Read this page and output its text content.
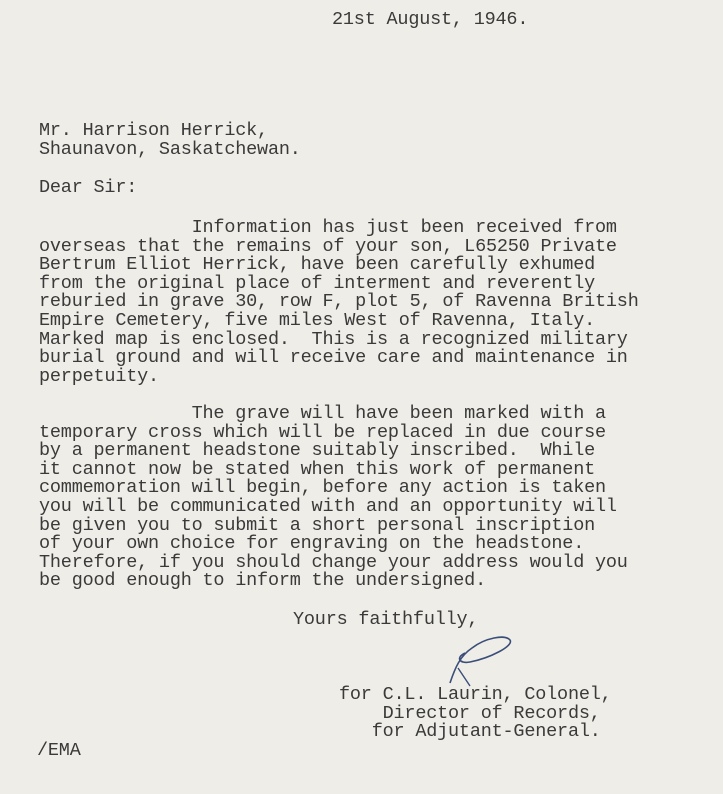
21st August, 1946.
Mr. Harrison Herrick,
Shaunavon, Saskatchewan.
Dear Sir:
Information has just been received from
overseas that the remains of your son, L65250 Private
Bertrum Elliot Herrick, have been carefully exhumed
from the original place of interment and reverently
reburied in grave 30, row F, plot 5, of Ravenna British
Empire Cemetery, five miles West of Ravenna, Italy.
Marked map is enclosed.  This is a recognized military
burial ground and will receive care and maintenance in
perpetuity.
The grave will have been marked with a
temporary cross which will be replaced in due course
by a permanent headstone suitably inscribed.  While
it cannot now be stated when this work of permanent
commemoration will begin, before any action is taken
you will be communicated with and an opportunity will
be given you to submit a short personal inscription
of your own choice for engraving on the headstone.
Therefore, if you should change your address would you
be good enough to inform the undersigned.
Yours faithfully,
for C.L. Laurin, Colonel,
Director of Records,
for Adjutant-General.
/EMA
